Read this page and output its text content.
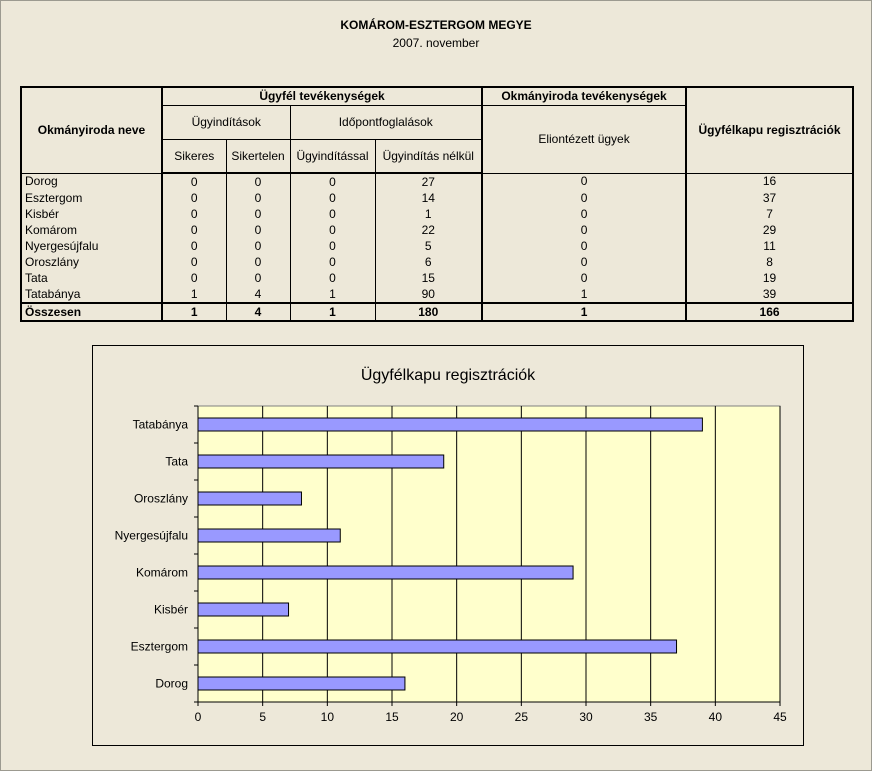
KOMÁROM-ESZTERGOM MEGYE
2007. november
Okmányiroda neve	Ügyfél tevékenységek				Okmányiroda tevékenységek	Ügyfélkapu regisztrációk
	Ügyindítások		Időpontfoglalások		Eliontézett ügyek	
	Sikeres	Sikertelen	Ügyindítással	Ügyindítás nélkül		
Dorog	0	0	0	27	0	16
Esztergom	0	0	0	14	0	37
Kisbér	0	0	0	1	0	7
Komárom	0	0	0	22	0	29
Nyergesújfalu	0	0	0	5	0	11
Oroszlány	0	0	0	6	0	8
Tata	0	0	0	15	0	19
Tatabánya	1	4	1	90	1	39
Összesen	1	4	1	180	1	166
Ügyfélkapu regisztrációk
0	5	10	15	20	25	30	35	40	45
Dorog
Esztergom
Kisbér
Komárom
Nyergesújfalu
Oroszlány
Tata
Tatabánya
